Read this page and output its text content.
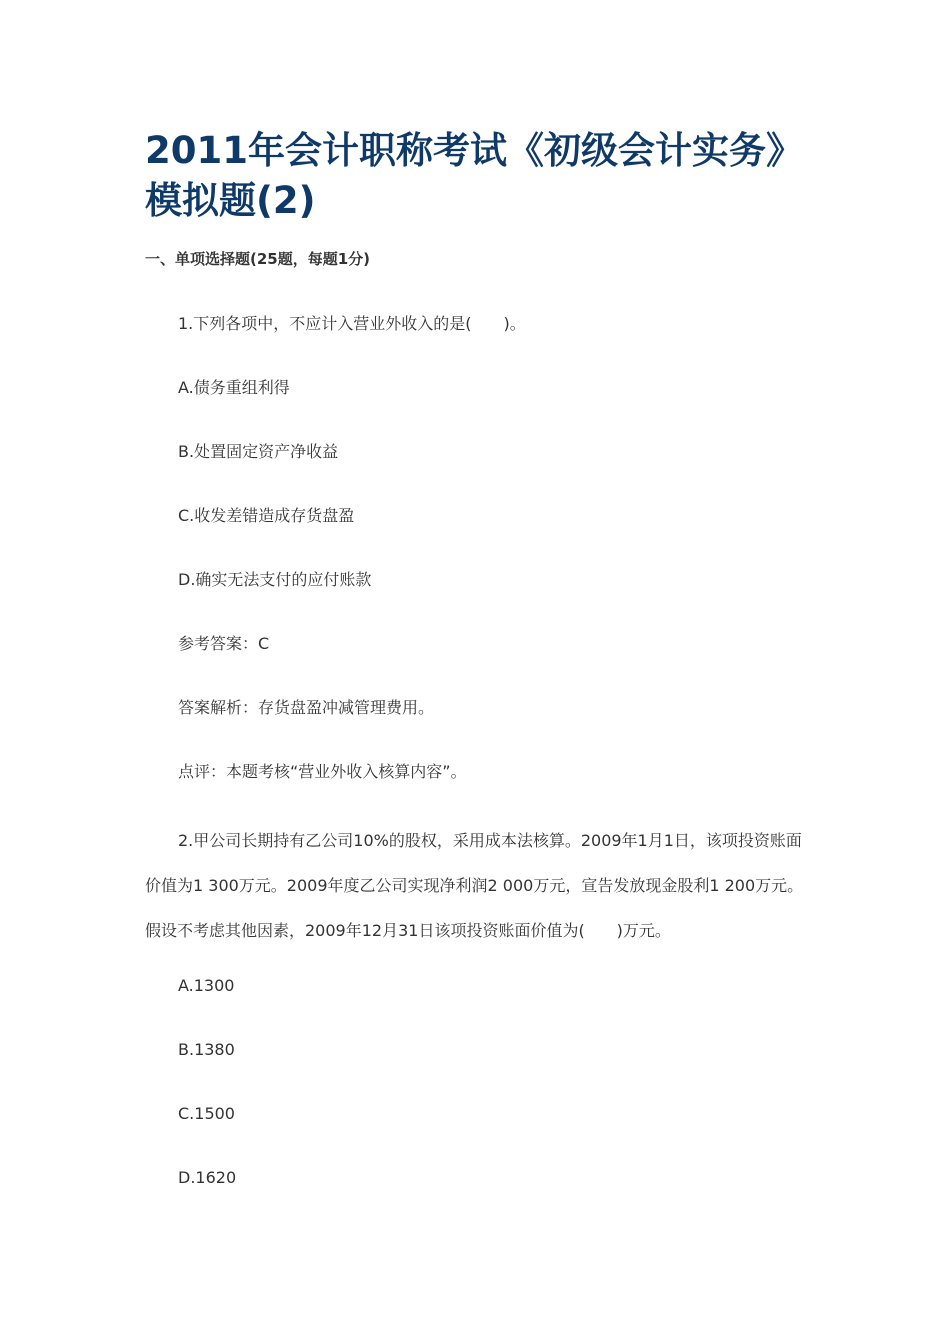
2011年会计职称考试《初级会计实务》模拟题(2)

一、单项选择题(25题，每题1分)

1.下列各项中，不应计入营业外收入的是(　　)。

A.债务重组利得

B.处置固定资产净收益

C.收发差错造成存货盘盈

D.确实无法支付的应付账款

参考答案：C

答案解析：存货盘盈冲减管理费用。

点评：本题考核“营业外收入核算内容”。

2.甲公司长期持有乙公司10%的股权，采用成本法核算。2009年1月1日，该项投资账面价值为1 300万元。2009年度乙公司实现净利润2 000万元，宣告发放现金股利1 200万元。假设不考虑其他因素，2009年12月31日该项投资账面价值为(　　)万元。

A.1300

B.1380

C.1500

D.1620
